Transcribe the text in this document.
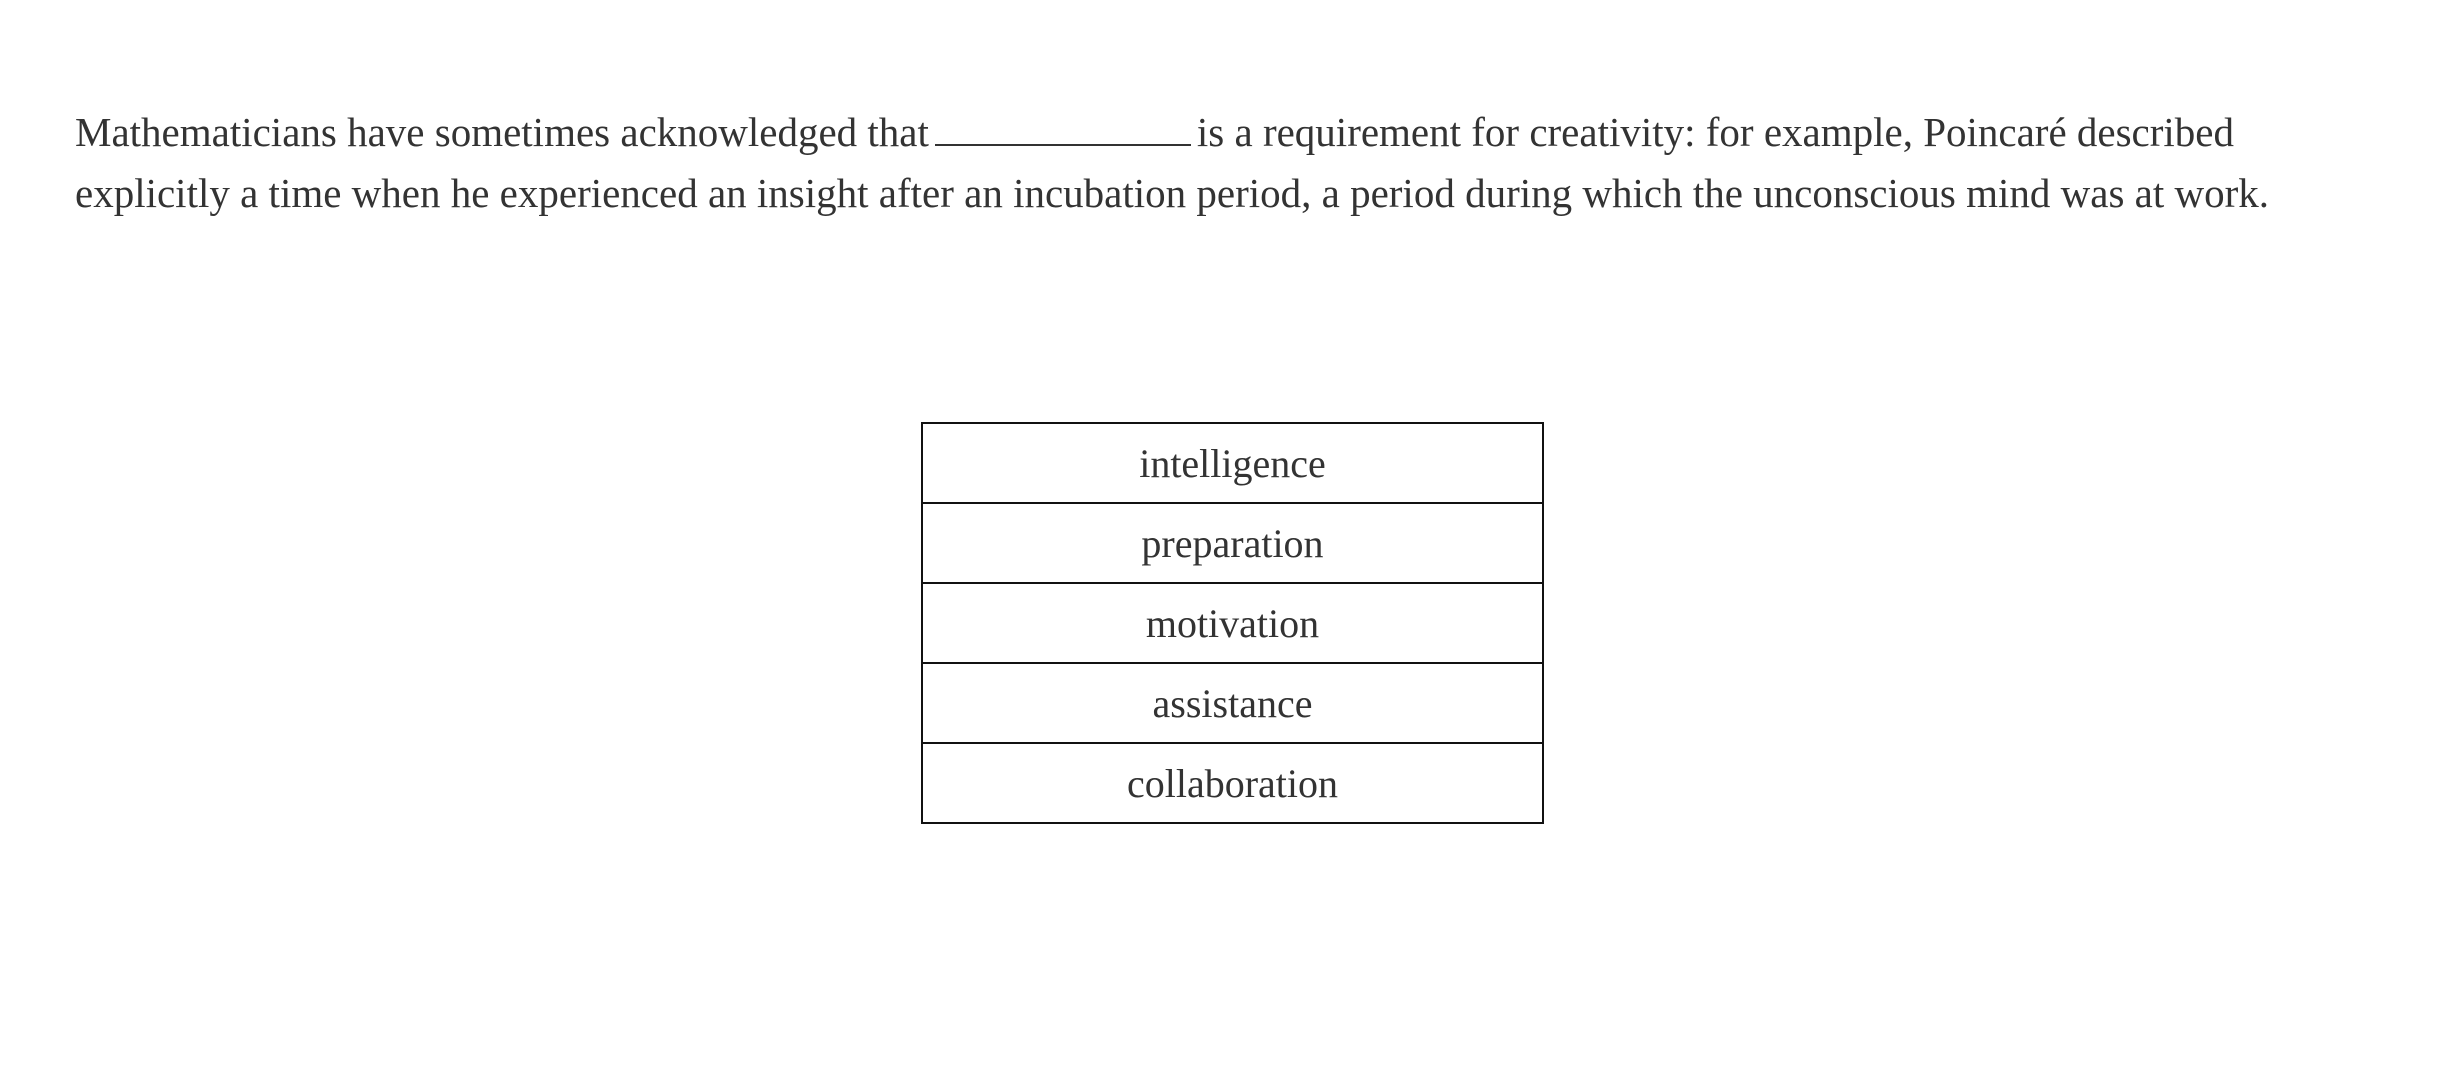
Mathematicians have sometimes acknowledged that	is a requirement for creativity: for example, Poincaré described
explicitly a time when he experienced an insight after an incubation period, a period during which the unconscious mind was at work.
intelligence
preparation
motivation
assistance
collaboration
